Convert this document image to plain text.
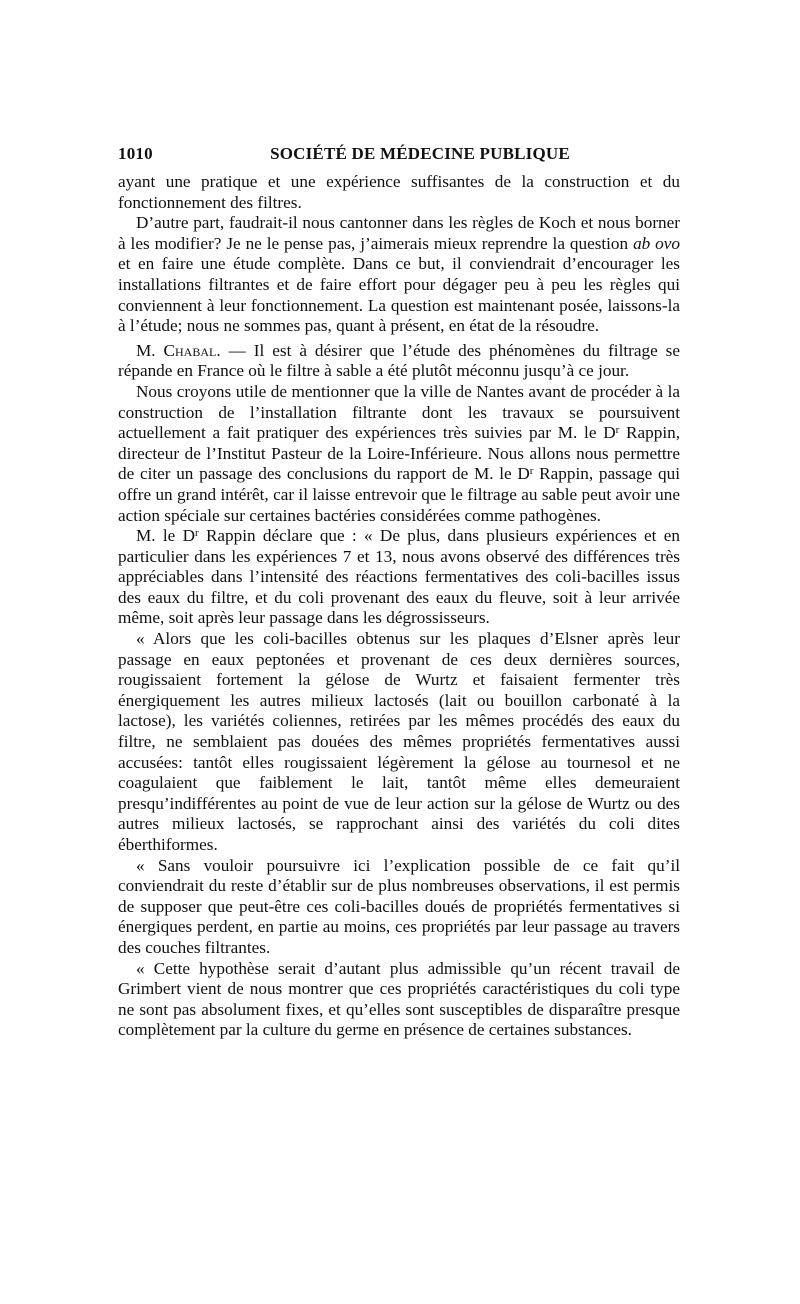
1010	SOCIÉTÉ DE MÉDECINE PUBLIQUE

ayant une pratique et une expérience suffisantes de la construction et du fonctionnement des filtres.

D’autre part, faudrait-il nous cantonner dans les règles de Koch et nous borner à les modifier? Je ne le pense pas, j’aimerais mieux reprendre la question ab ovo et en faire une étude complète. Dans ce but, il conviendrait d’encourager les installations filtrantes et de faire effort pour dégager peu à peu les règles qui conviennent à leur fonctionnement. La question est maintenant posée, laissons-la à l’étude; nous ne sommes pas, quant à présent, en état de la résoudre.

M. Chabal. — Il est à désirer que l’étude des phénomènes du filtrage se répande en France où le filtre à sable a été plutôt méconnu jusqu’à ce jour.

Nous croyons utile de mentionner que la ville de Nantes avant de procéder à la construction de l’installation filtrante dont les travaux se poursuivent actuellement a fait pratiquer des expériences très suivies par M. le $D^r$ Rappin, directeur de l’Institut Pasteur de la Loire-Inférieure. Nous allons nous permettre de citer un passage des conclusions du rapport de M. le $D^r$ Rappin, passage qui offre un grand intérêt, car il laisse entrevoir que le filtrage au sable peut avoir une action spéciale sur certaines bactéries considérées comme pathogènes.

M. le $D^r$ Rappin déclare que : « De plus, dans plusieurs expériences et en particulier dans les expériences 7 et 13, nous avons observé des différences très appréciables dans l’intensité des réactions fermentatives des coli-bacilles issus des eaux du filtre, et du coli provenant des eaux du fleuve, soit à leur arrivée même, soit après leur passage dans les dégrossisseurs.

« Alors que les coli-bacilles obtenus sur les plaques d’Elsner après leur passage en eaux peptonées et provenant de ces deux dernières sources, rougissaient fortement la gélose de Wurtz et faisaient fermenter très énergiquement les autres milieux lactosés (lait ou bouillon carbonaté à la lactose), les variétés coliennes, retirées par les mêmes procédés des eaux du filtre, ne semblaient pas douées des mêmes propriétés fermentatives aussi accusées: tantôt elles rougissaient légèrement la gélose au tournesol et ne coagulaient que faiblement le lait, tantôt même elles demeuraient presqu’indifférentes au point de vue de leur action sur la gélose de Wurtz ou des autres milieux lactosés, se rapprochant ainsi des variétés du coli dites éberthiformes.

« Sans vouloir poursuivre ici l’explication possible de ce fait qu’il conviendrait du reste d’établir sur de plus nombreuses observations, il est permis de supposer que peut-être ces coli-bacilles doués de propriétés fermentatives si énergiques perdent, en partie au moins, ces propriétés par leur passage au travers des couches filtrantes.

« Cette hypothèse serait d’autant plus admissible qu’un récent travail de Grimbert vient de nous montrer que ces propriétés caractéristiques du coli type ne sont pas absolument fixes, et qu’elles sont susceptibles de disparaître presque complètement par la culture du germe en présence de certaines substances.
